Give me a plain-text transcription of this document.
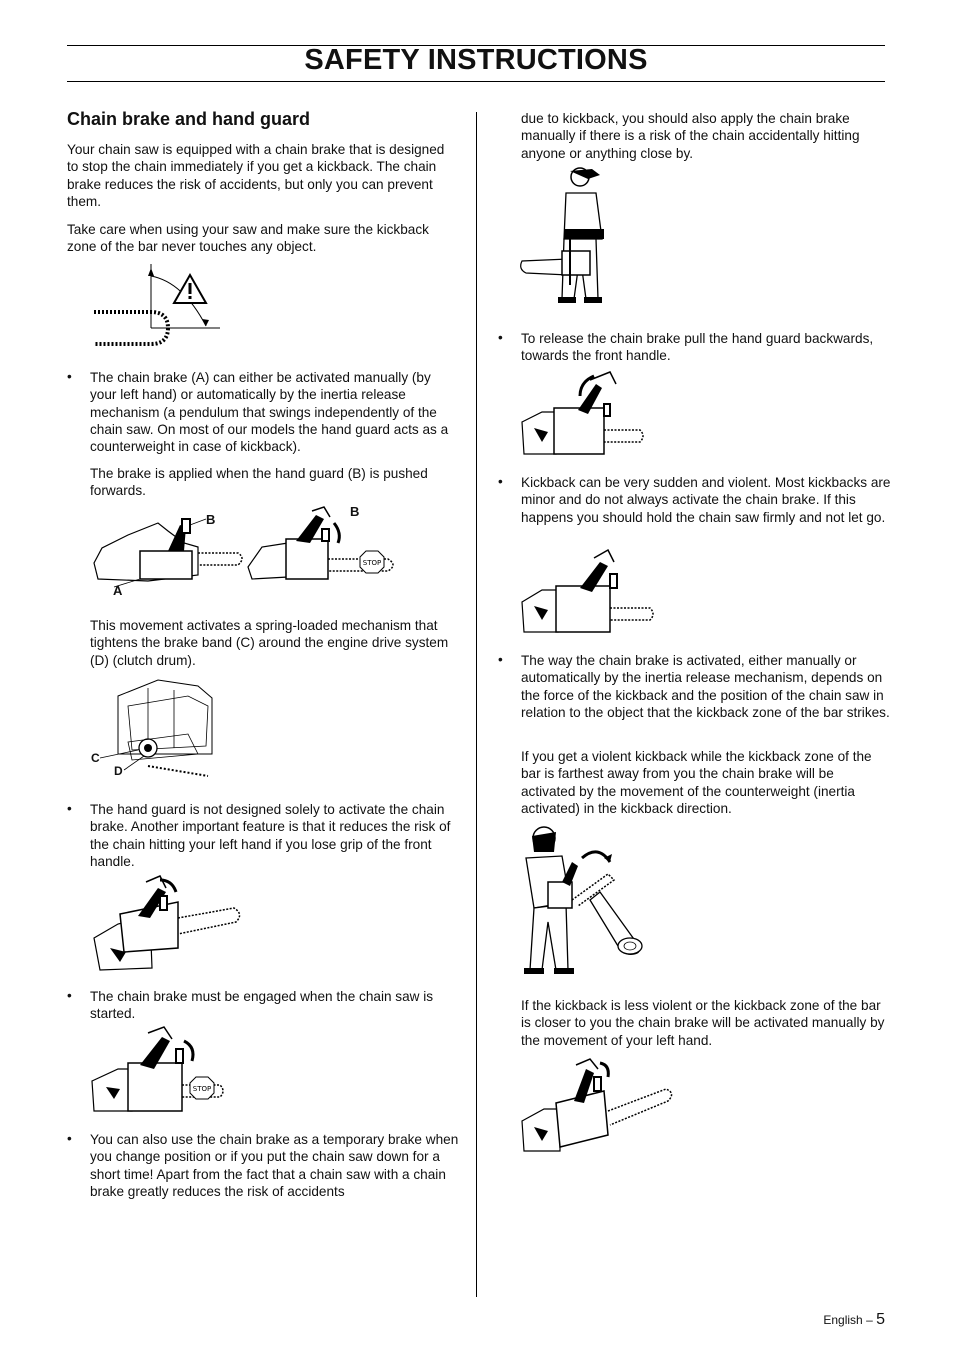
SAFETY INSTRUCTIONS
Chain brake and hand guard

Your chain saw is equipped with a chain brake that is designed to stop the chain immediately if you get a kickback. The chain brake reduces the risk of accidents, but only you can prevent them.

Take care when using your saw and make sure the kickback zone of the bar never touches any object.

• The chain brake (A) can either be activated manually (by your left hand) or automatically by the inertia release mechanism (a pendulum that swings independently of the chain saw. On most of our models the hand guard acts as a counterweight in case of kickback).

The brake is applied when the hand guard (B) is pushed forwards.

STOP
B
B
A

This movement activates a spring-loaded mechanism that tightens the brake band (C) around the engine drive system (D) (clutch drum).

C
D
• The hand guard is not designed solely to activate the chain brake. Another important feature is that it reduces the risk of the chain hitting your left hand if you lose grip of the front handle.

• The chain brake must be engaged when the chain saw is started.

STOP
• You can also use the chain brake as a temporary brake when you change position or if you put the chain saw down for a short time! Apart from the fact that a chain saw with a chain brake greatly reduces the risk of accidents

due to kickback, you should also apply the chain brake manually if there is a risk of the chain accidentally hitting anyone or anything close by.

• To release the chain brake pull the hand guard backwards, towards the front handle.

• Kickback can be very sudden and violent. Most kickbacks are minor and do not always activate the chain brake. If this happens you should hold the chain saw firmly and not let go.

• The way the chain brake is activated, either manually or automatically by the inertia release mechanism, depends on the force of the kickback and the position of the chain saw in relation to the object that the kickback zone of the bar strikes.

If you get a violent kickback while the kickback zone of the bar is farthest away from you the chain brake will be activated by the movement of the counterweight (inertia activated) in the kickback direction.

If the kickback is less violent or the kickback zone of the bar is closer to you the chain brake will be activated manually by the movement of your left hand.

English – 5
